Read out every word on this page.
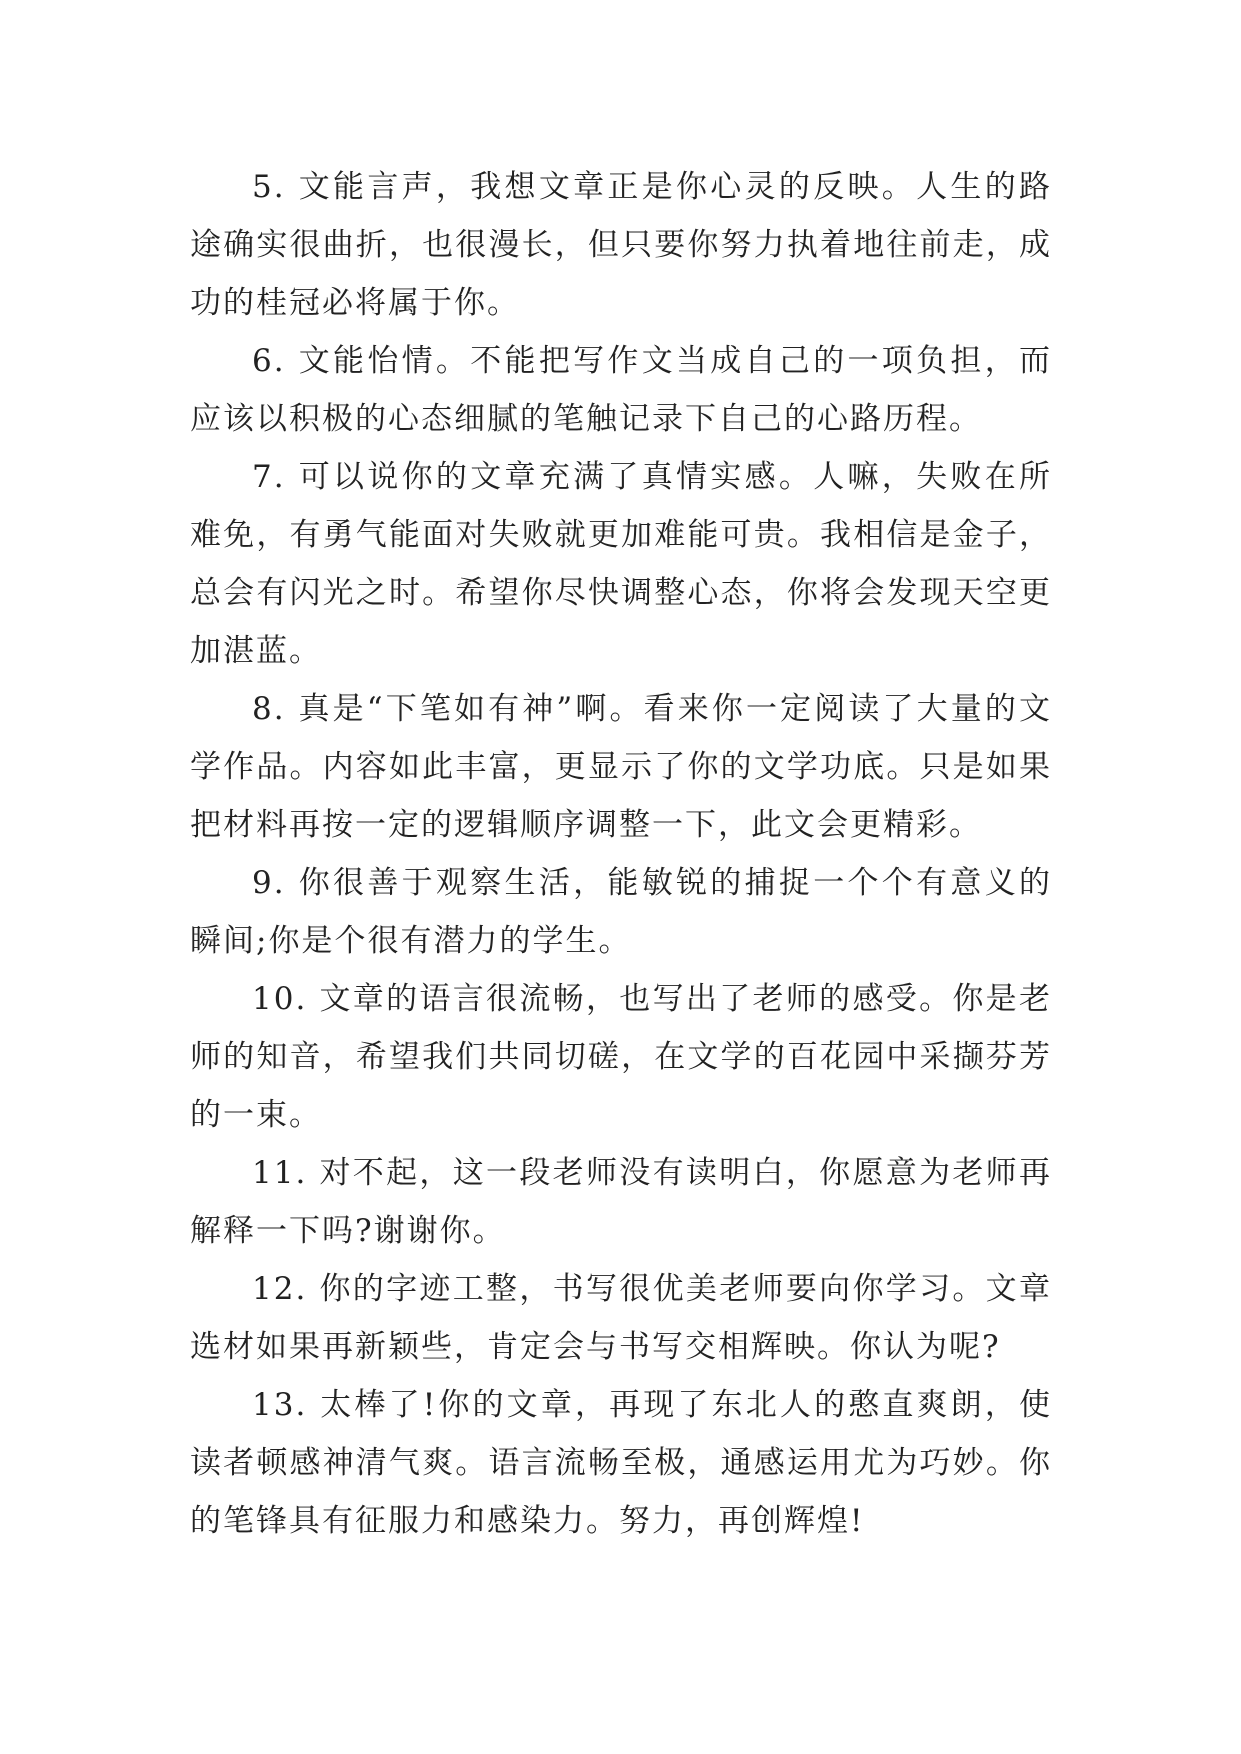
5. 文能言声，我想文章正是你心灵的反映。人生的路途确实很曲折，也很漫长，但只要你努力执着地往前走，成功的桂冠必将属于你。

6. 文能怡情。不能把写作文当成自己的一项负担，而应该以积极的心态细腻的笔触记录下自己的心路历程。

7. 可以说你的文章充满了真情实感。人嘛，失败在所难免，有勇气能面对失败就更加难能可贵。我相信是金子，总会有闪光之时。希望你尽快调整心态，你将会发现天空更加湛蓝。

8. 真是“下笔如有神”啊。看来你一定阅读了大量的文学作品。内容如此丰富，更显示了你的文学功底。只是如果把材料再按一定的逻辑顺序调整一下，此文会更精彩。

9. 你很善于观察生活，能敏锐的捕捉一个个有意义的瞬间;你是个很有潜力的学生。

10. 文章的语言很流畅，也写出了老师的感受。你是老师的知音，希望我们共同切磋，在文学的百花园中采撷芬芳的一束。

11. 对不起，这一段老师没有读明白，你愿意为老师再解释一下吗?谢谢你。

12. 你的字迹工整，书写很优美老师要向你学习。文章选材如果再新颖些，肯定会与书写交相辉映。你认为呢?

13. 太棒了!你的文章，再现了东北人的憨直爽朗，使读者顿感神清气爽。语言流畅至极，通感运用尤为巧妙。你的笔锋具有征服力和感染力。努力，再创辉煌!
